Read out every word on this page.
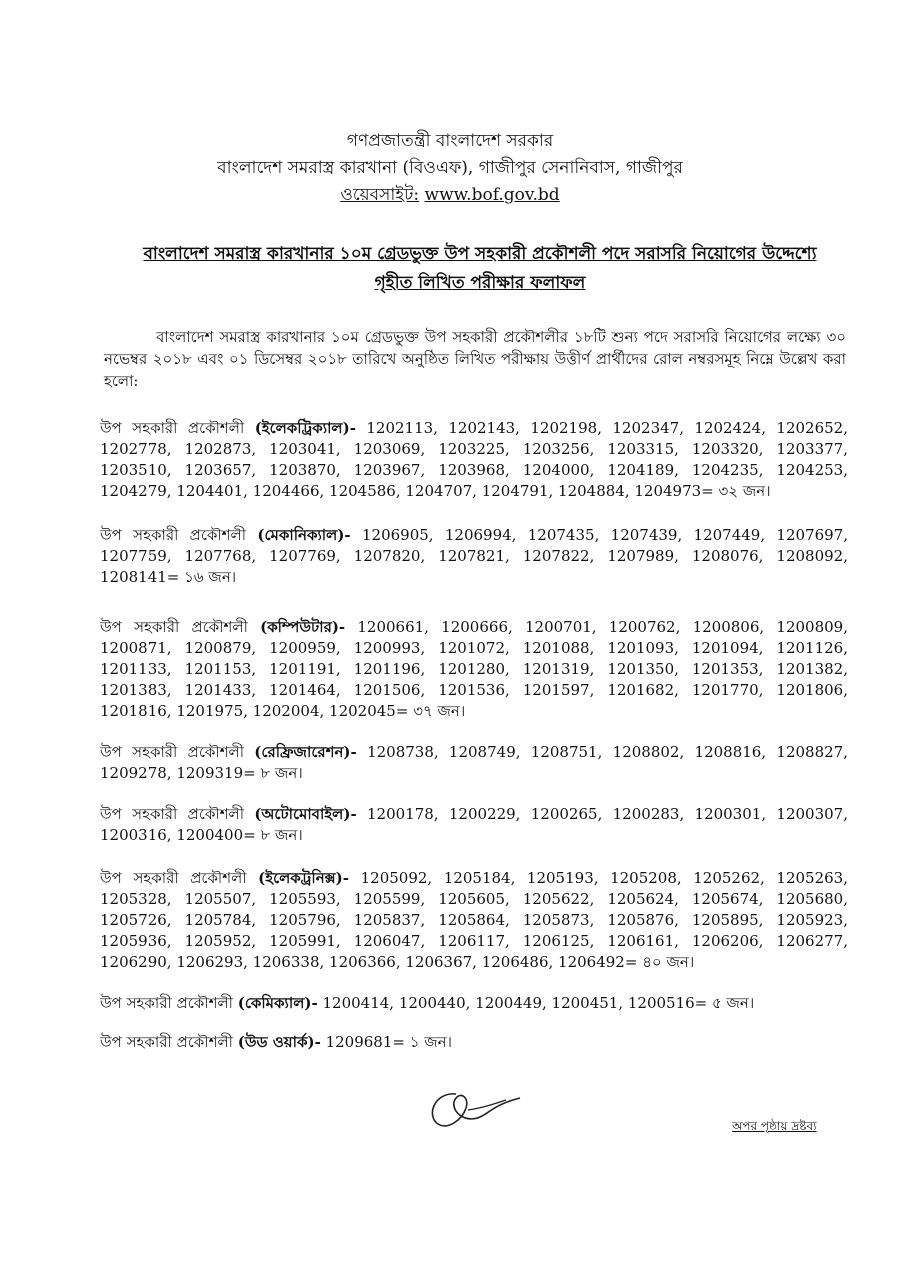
গণপ্রজাতন্ত্রী বাংলাদেশ সরকার
বাংলাদেশ সমরাস্ত্র কারখানা (বিওএফ), গাজীপুর সেনানিবাস, গাজীপুর
ওয়েবসাইট: www.bof.gov.bd
বাংলাদেশ সমরাস্ত্র কারখানার ১০ম গ্রেডভুক্ত উপ সহকারী প্রকৌশলী পদে সরাসরি নিয়োগের উদ্দেশ্যে
গৃহীত লিখিত পরীক্ষার ফলাফল
বাংলাদেশ সমরাস্ত্র কারখানার ১০ম গ্রেডভুক্ত উপ সহকারী প্রকৌশলীর ১৮টি শুন্য পদে সরাসরি নিয়োগের লক্ষ্যে ৩০ নভেম্বর ২০১৮ এবং ০১ ডিসেম্বর ২০১৮ তারিখে অনুষ্ঠিত লিখিত পরীক্ষায় উত্তীর্ণ প্রার্থীদের রোল নম্বরসমূহ নিম্নে উল্লেখ করা হলো:
উপ সহকারী প্রকৌশলী (ইলেকট্রিক্যাল)- 1202113, 1202143, 1202198, 1202347, 1202424, 1202652, 1202778, 1202873, 1203041, 1203069, 1203225, 1203256, 1203315, 1203320, 1203377, 1203510, 1203657, 1203870, 1203967, 1203968, 1204000, 1204189, 1204235, 1204253, 1204279, 1204401, 1204466, 1204586, 1204707, 1204791, 1204884, 1204973= ৩২ জন।
উপ সহকারী প্রকৌশলী (মেকানিক্যাল)- 1206905, 1206994, 1207435, 1207439, 1207449, 1207697, 1207759, 1207768, 1207769, 1207820, 1207821, 1207822, 1207989, 1208076, 1208092, 1208141= ১৬ জন।
উপ সহকারী প্রকৌশলী (কম্পিউটার)- 1200661, 1200666, 1200701, 1200762, 1200806, 1200809, 1200871, 1200879, 1200959, 1200993, 1201072, 1201088, 1201093, 1201094, 1201126, 1201133, 1201153, 1201191, 1201196, 1201280, 1201319, 1201350, 1201353, 1201382, 1201383, 1201433, 1201464, 1201506, 1201536, 1201597, 1201682, 1201770, 1201806, 1201816, 1201975, 1202004, 1202045= ৩৭ জন।
উপ সহকারী প্রকৌশলী (রেফ্রিজারেশন)- 1208738, 1208749, 1208751, 1208802, 1208816, 1208827, 1209278, 1209319= ৮ জন।
উপ সহকারী প্রকৌশলী (অটোমোবাইল)- 1200178, 1200229, 1200265, 1200283, 1200301, 1200307, 1200316, 1200400= ৮ জন।
উপ সহকারী প্রকৌশলী (ইলেকট্রনিক্স)- 1205092, 1205184, 1205193, 1205208, 1205262, 1205263, 1205328, 1205507, 1205593, 1205599, 1205605, 1205622, 1205624, 1205674, 1205680, 1205726, 1205784, 1205796, 1205837, 1205864, 1205873, 1205876, 1205895, 1205923, 1205936, 1205952, 1205991, 1206047, 1206117, 1206125, 1206161, 1206206, 1206277, 1206290, 1206293, 1206338, 1206366, 1206367, 1206486, 1206492= ৪০ জন।
উপ সহকারী প্রকৌশলী (কেমিক্যাল)- 1200414, 1200440, 1200449, 1200451, 1200516= ৫ জন।
উপ সহকারী প্রকৌশলী (উড ওয়ার্ক)- 1209681= ১ জন।
অপর পৃষ্ঠায় দ্রষ্টব্য
